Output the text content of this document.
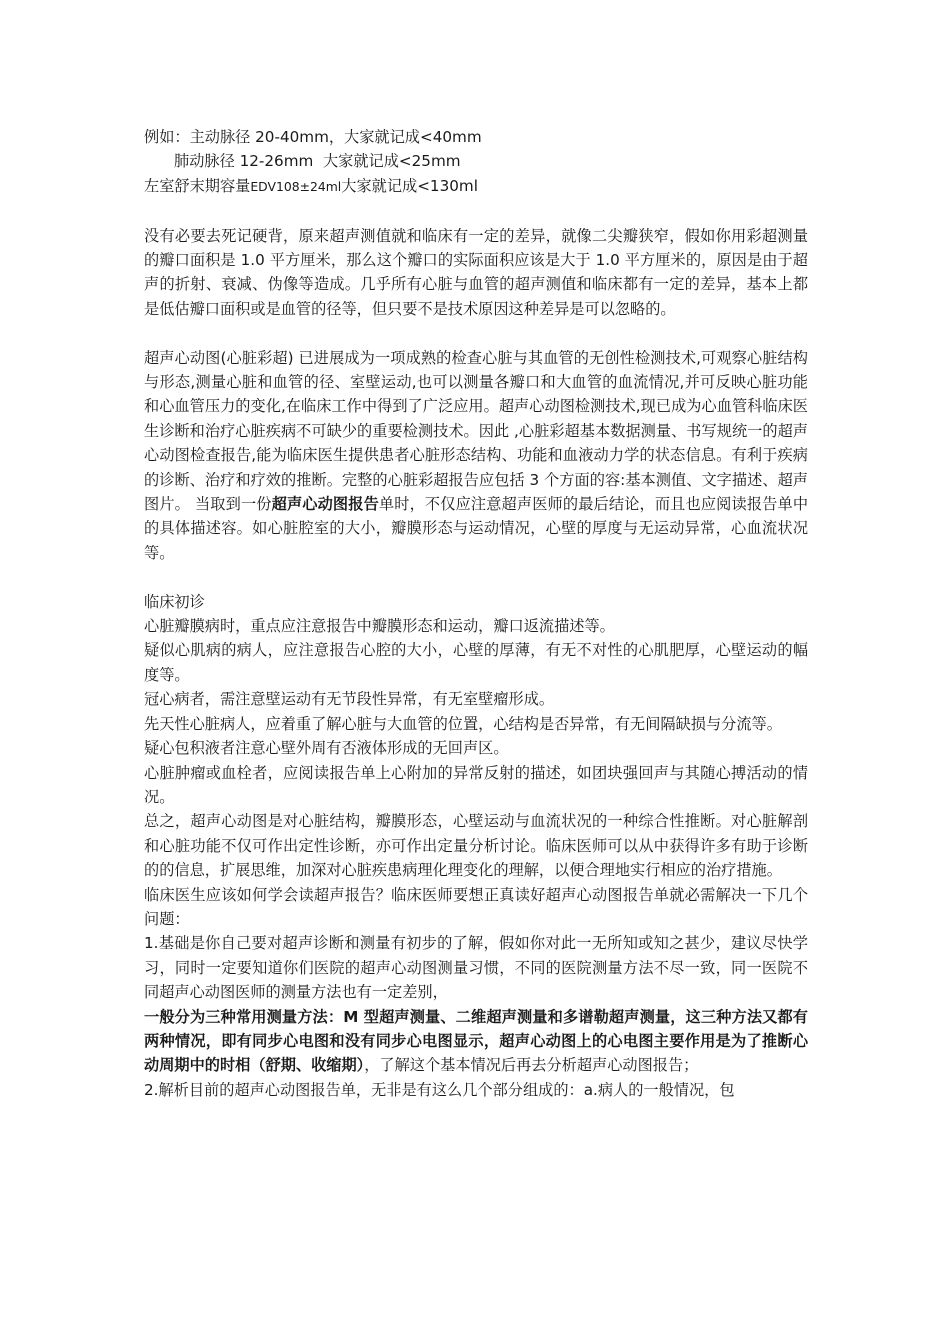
例如：主动脉径 20-40mm，大家就记成<40mm

肺动脉径 12-26mm  大家就记成<25mm

左室舒末期容量EDV108±24ml大家就记成<130ml

没有必要去死记硬背，原来超声测值就和临床有一定的差异，就像二尖瓣狭窄，假如你用彩超测量的瓣口面积是 1.0 平方厘米，那么这个瓣口的实际面积应该是大于 1.0 平方厘米的，原因是由于超声的折射、衰减、伪像等造成。几乎所有心脏与血管的超声测值和临床都有一定的差异，基本上都是低估瓣口面积或是血管的径等，但只要不是技术原因这种差异是可以忽略的。

超声心动图(心脏彩超) 已进展成为一项成熟的检查心脏与其血管的无创性检测技术,可观察心脏结构与形态,测量心脏和血管的径、室壁运动,也可以测量各瓣口和大血管的血流情况,并可反映心脏功能和心血管压力的变化,在临床工作中得到了广泛应用。超声心动图检测技术,现已成为心血管科临床医生诊断和治疗心脏疾病不可缺少的重要检测技术。因此 ,心脏彩超基本数据测量、书写规统一的超声心动图检查报告,能为临床医生提供患者心脏形态结构、功能和血液动力学的状态信息。有利于疾病的诊断、治疗和疗效的推断。完整的心脏彩超报告应包括 3 个方面的容:基本测值、文字描述、超声图片。 当取到一份超声心动图报告单时，不仅应注意超声医师的最后结论，而且也应阅读报告单中的具体描述容。如心脏腔室的大小，瓣膜形态与运动情况，心壁的厚度与无运动异常，心血流状况等。

临床初诊

心脏瓣膜病时，重点应注意报告中瓣膜形态和运动，瓣口返流描述等。

疑似心肌病的病人，应注意报告心腔的大小，心壁的厚薄，有无不对性的心肌肥厚，心壁运动的幅度等。

冠心病者，需注意壁运动有无节段性异常，有无室壁瘤形成。

先天性心脏病人，应着重了解心脏与大血管的位置，心结构是否异常，有无间隔缺损与分流等。

疑心包积液者注意心壁外周有否液体形成的无回声区。

心脏肿瘤或血栓者，应阅读报告单上心附加的异常反射的描述，如团块强回声与其随心搏活动的情况。

总之，超声心动图是对心脏结构，瓣膜形态，心壁运动与血流状况的一种综合性推断。对心脏解剖和心脏功能不仅可作出定性诊断，亦可作出定量分析讨论。临床医师可以从中获得许多有助于诊断的的信息，扩展思维，加深对心脏疾患病理化理变化的理解，以便合理地实行相应的治疗措施。

临床医生应该如何学会读超声报告？临床医师要想正真读好超声心动图报告单就必需解决一下几个问题：

1.基础是你自己要对超声诊断和测量有初步的了解，假如你对此一无所知或知之甚少，建议尽快学习，同时一定要知道你们医院的超声心动图测量习惯，不同的医院测量方法不尽一致，同一医院不同超声心动图医师的测量方法也有一定差别，

一般分为三种常用测量方法：M 型超声测量、二维超声测量和多谱勒超声测量，这三种方法又都有两种情况，即有同步心电图和没有同步心电图显示，超声心动图上的心电图主要作用是为了推断心动周期中的时相（舒期、收缩期），了解这个基本情况后再去分析超声心动图报告；

2.解析目前的超声心动图报告单，无非是有这么几个部分组成的：a.病人的一般情况，包
